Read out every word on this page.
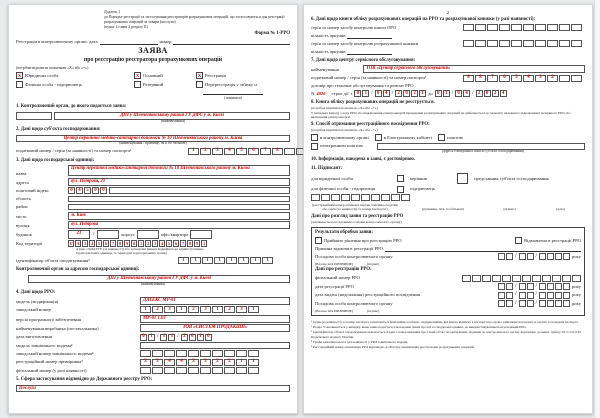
Додаток 1
до Порядку реєстрації та застосування реєстраторів розрахункових операцій, що застосовуються для реєстрації розрахункових операцій за товари (послуги)
(пункт 4 глави 2 розділу II)
Форма № 1-РРО
Реєстрація в контролюючому органі: дата	номер
ЗАЯВА
про реєстрацію реєстратора розрахункових операцій
(потрібне відмітити позначкою «Х» або «+»)
Х Юридична особа
Фізична особа - підприємець
Х Основний
Резервний
Х Реєстрація
Перереєстрація у зв'язку із
(зазначити)
1. Контролюючий орган, до якого подається заява:
ДПІ у Шевченківському районі ГУ ДФС у м. Києві
(найменування)
2. Дані щодо суб'єкта господарювання:
Центр первинної медико-санітарної допомоги № 10 Шевченківського району м. Києва
(найменування / прізвище, ім'я, по батькові)
податковий номер / серія (за наявності) та номер паспорта¹	1	2	3	4	5	6	7	8
3. Дані щодо господарської одиниці:
назва
Центр первинної медико-санітарної допомоги № 10 Шевченківського району м. Києва
адреса	вул. Петрова, 21
поштовий індекс	0	4	5	0	0
область
район
місто	м. Київ
вулиця	вул. Петрова
будинок	21	/	корпус	офіс/квартира
Код території	U A	3	4	5	6	7	8	9	0	1	2	3	4	5	6	7	8	9	1
згідно з КОАТУУ (за наявності) або четвертим рівнем Кодифікатора адміністративно-територіальних одиниць та територій територіальних громад
ідентифікатор об'єкта оподаткування³	1	1	1	1	1	1	1	1
Контролюючий орган за адресою господарської одиниці:
ДПІ у Шевченківському районі ГУ ДФС у м. Києві
(найменування)
4. Дані щодо РРО:
модель (модифікація)	ДАТЕКС МР-01
заводський номер	1	2	3	1	2	3	1	2	3	1
версія програмного забезпечення	МР-01 1.03
найменування виробника (постачальника)	ТОВ «СИСТЕМ ПРОДАКШН»
дата виготовлення	0	1 / 1	1 / 2	0	1	6
модель зовнішнього модема⁴
заводський номер зовнішнього модема⁴
реєстраційний номер примірника⁵	3	3	4	4	3	3	2	2	1	1
фіскальний номер (у разі наявності)
5. Сфера застосування відповідно до Державного реєстру РРО:
Послуги
2
6. Дані щодо книги обліку розрахункових операцій на РРО та розрахункової книжки (у разі наявності):
серія та номер засобу контролю книги ОРО
кількість аркушів
серія та номер засобу контролю розрахункової книжки
кількість аркушів
7. Дані щодо центру сервісного обслуговування:
найменування	ТОВ «Центр сервісного обслуговування»
податковий номер / серія (за наявності) та номер паспорта¹	8	8	7	6	5	4	3	2
договір про технічне обслуговування та ремонт РРО
N 4826 строк дії з 0	1 / 0	4 / 2	0	2	1 до 0	1 / 0	4 / 2	0	2	4
8. Книга обліку розрахункових операцій не реєструється.
(потрібне відмітити позначкою «Х» або «+»)
У випадках виходу з ладу РРО або відключення електроенергії проведення розрахункових операцій не здійснюється до моменту належного підключення резервного РРО або включення електроенергії.
9. Спосіб отримання реєстраційного посвідчення РРО:
(потрібне відмітити позначкою «Х» або «+»)
в контролюючому органі	в Електронному кабінеті	поштою
електронною поштою
(адреса електронної пошти суб'єкта господарювання)
10. Інформація, наведена в заяві, є достовірною.
11. Підписант:
для юридичної особи	керівник	представник суб'єкта господарювання
для фізичної особи - підприємця	підприємець
(реєстраційний номер облікової картки платника податків або серія (за наявності) та номер паспорта¹)	(прізвище, ім'я, по батькові)	(підпис)	(дата)
Дані про розгляд заяви та реєстрацію РРО
(заповнюється посадовими особами контролюючого органу)
Результати обробки заяви:
Прийнято рішення про реєстрацію РРО	Відмовлено в реєстрації РРО
Причина відмови в реєстрації РРО
Посадова особа контролюючого органу	/	/	року
(Власне ім'я ПРІЗВИЩЕ)	(підпис)
Дані про реєстрацію РРО:
фіскальний номер РРО
дата реєстрації РРО	/	/	року
дата видачі (надсилання) реєстраційного посвідчення	/	/	року
Посадова особа контролюючого органу	/	/	року
(Власне ім'я ПРІЗВИЩЕ)	(підпис)
¹ Серія (за наявності) та номер паспорта зазначаються фізичними особами - підприємцями, які мають відмітку в паспорті про право здійснювати платежі за серією та номером паспорта.
² Розділ 3 заповнюється у випадку, якщо заява подається для надання даних про всі господарські одиниці, де використовуватиметься резервний РРО.
³ Ідентифікатор об'єкта оподаткування зазначається згідно з повідомленням про такий об'єкт оподаткування, поданим до контролюючого органу відповідно до вимог пункту 63.3 статті 63 Податкового кодексу України.
⁴ Графи заповнюються в разі наявності у РРО зовнішнього модема.
⁵ Реєстраційний номер екземпляра РРО відповідно до Реєстру екземплярів реєстраторів розрахункових операцій.
